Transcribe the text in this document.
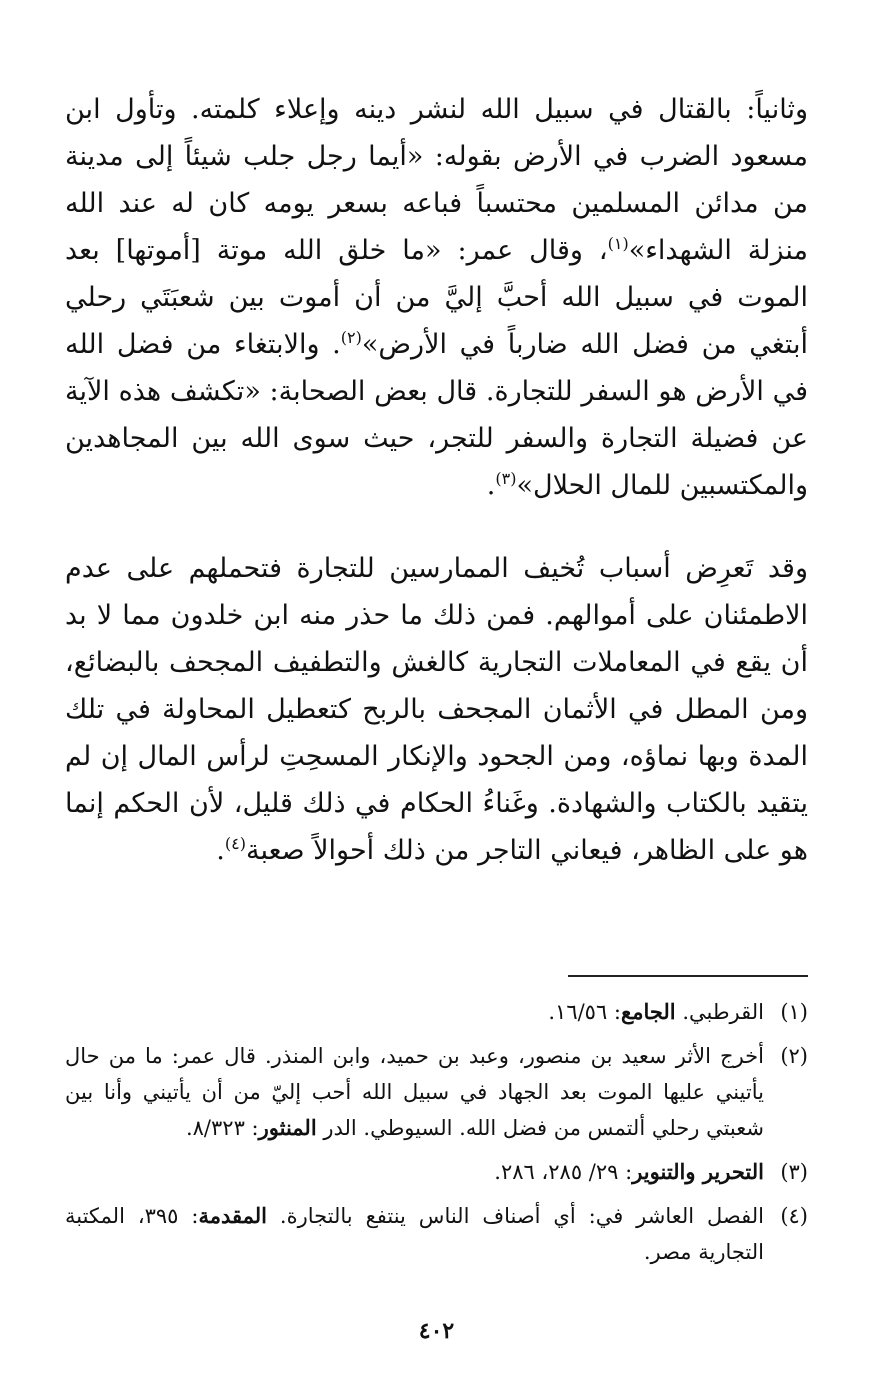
وثانياً: بالقتال في سبيل الله لنشر دينه وإعلاء كلمته. وتأول ابن مسعود الضرب في الأرض بقوله: «أيما رجل جلب شيئاً إلى مدينة من مدائن المسلمين محتسباً فباعه بسعر يومه كان له عند الله منزلة الشهداء»$^{(١)}$، وقال عمر: «ما خلق الله موتة [أموتها] بعد الموت في سبيل الله أحبَّ إليَّ من أن أموت بين شعبَتَي رحلي أبتغي من فضل الله ضارباً في الأرض»$^{(٢)}$. والابتغاء من فضل الله في الأرض هو السفر للتجارة. قال بعض الصحابة: «تكشف هذه الآية عن فضيلة التجارة والسفر للتجر، حيث سوى الله بين المجاهدين والمكتسبين للمال الحلال»$^{(٣)}$.

وقد تَعرِض أسباب تُخيف الممارسين للتجارة فتحملهم على عدم الاطمئنان على أموالهم. فمن ذلك ما حذر منه ابن خلدون مما لا بد أن يقع في المعاملات التجارية كالغش والتطفيف المجحف بالبضائع، ومن المطل في الأثمان المجحف بالربح كتعطيل المحاولة في تلك المدة وبها نماؤه، ومن الجحود والإنكار المسحِتِ لرأس المال إن لم يتقيد بالكتاب والشهادة. وغَناءُ الحكام في ذلك قليل، لأن الحكم إنما هو على الظاهر، فيعاني التاجر من ذلك أحوالاً صعبة$^{(٤)}$.

(١)
القرطبي. الجامع: ١٦/٥٦.
(٢)
أخرج الأثر سعيد بن منصور، وعبد بن حميد، وابن المنذر. قال عمر: ما من حال يأتيني عليها الموت بعد الجهاد في سبيل الله أحب إليّ من أن يأتيني وأنا بين شعبتي رحلي ألتمس من فضل الله. السيوطي. الدر المنثور: ٨/٣٢٣.
(٣)
التحرير والتنوير: ٢٩/ ٢٨٥، ٢٨٦.
(٤)
الفصل العاشر في: أي أصناف الناس ينتفع بالتجارة. المقدمة: ٣٩٥، المكتبة التجارية مصر.
٤٠٢
